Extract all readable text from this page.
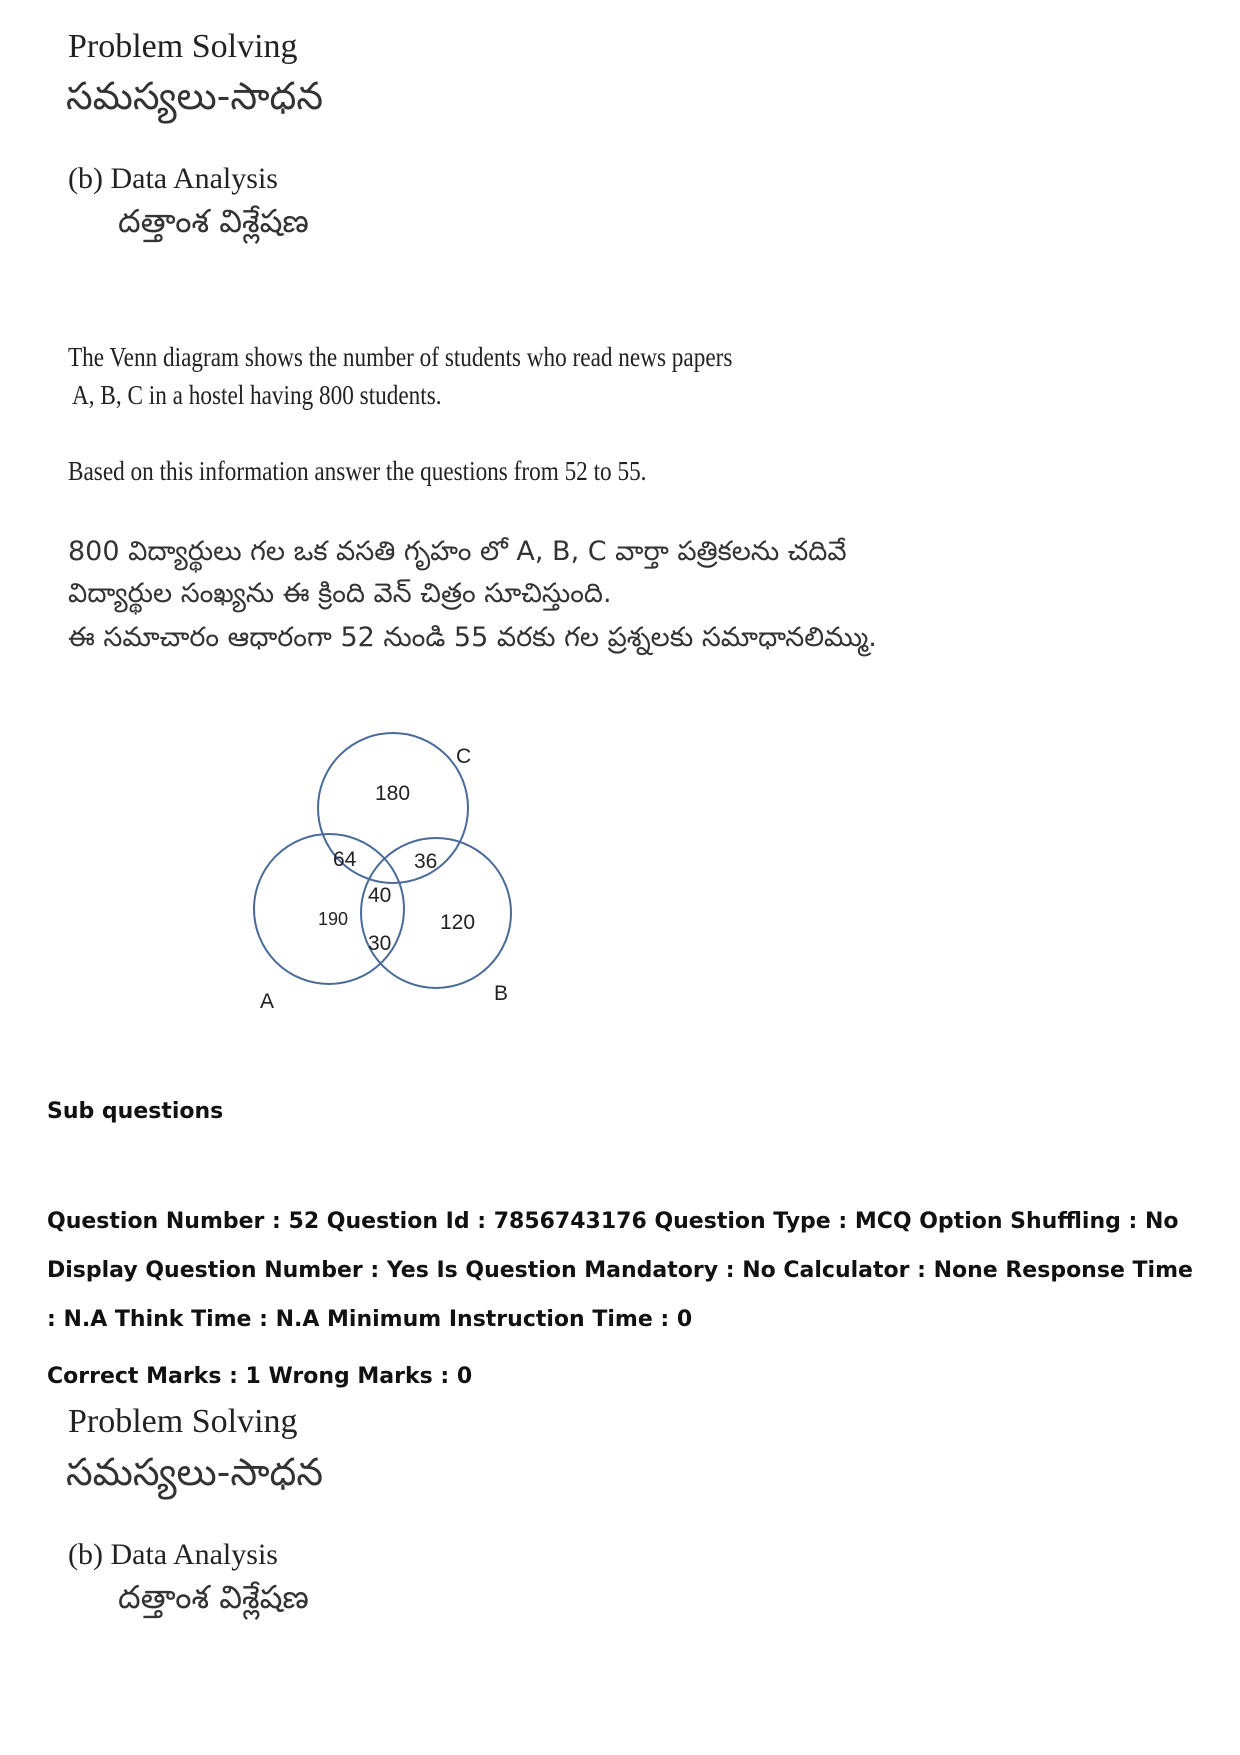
Problem Solving
సమస్యలు-సాధన
(b) Data Analysis
దత్తాంశ విశ్లేషణ
The Venn diagram shows the number of students who read news papers
A, B, C in a hostel having 800 students.
Based on this information answer the questions from 52 to 55.
800 విద్యార్థులు గల ఒక వసతి గృహం లో A, B, C వార్తా పత్రికలను చదివే
విద్యార్థుల సంఖ్యను ఈ క్రింది వెన్ చిత్రం సూచిస్తుంది.
ఈ సమాచారం ఆధారంగా 52 నుండి 55 వరకు గల ప్రశ్నలకు సమాధానలిమ్ము.
C
A	B
180
64	36
40
190	120
30
Sub questions
Question Number : 52 Question Id : 7856743176 Question Type : MCQ Option Shuffling : No
Display Question Number : Yes Is Question Mandatory : No Calculator : None Response Time
: N.A Think Time : N.A Minimum Instruction Time : 0
Correct Marks : 1 Wrong Marks : 0
Problem Solving
సమస్యలు-సాధన
(b) Data Analysis
దత్తాంశ విశ్లేషణ
